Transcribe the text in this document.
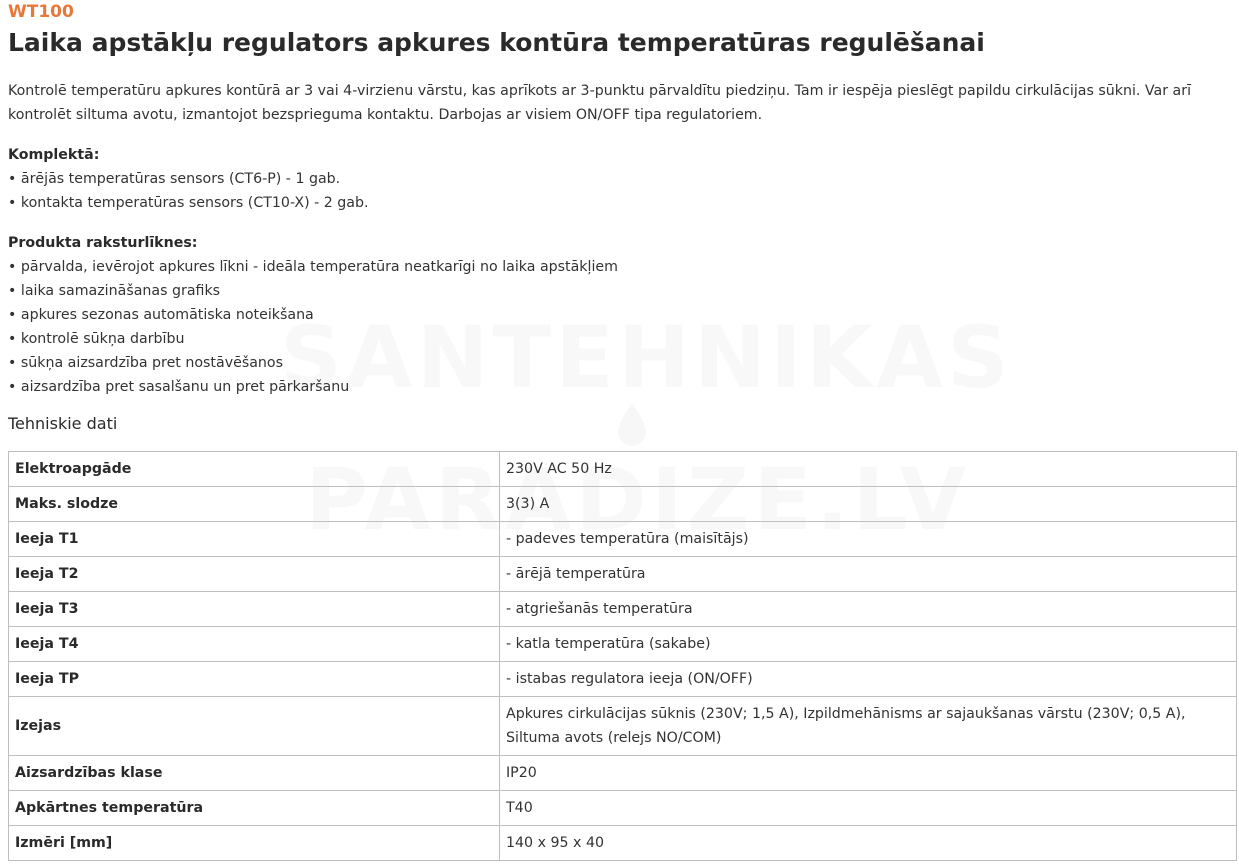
WT100
Laika apstākļu regulators apkures kontūra temperatūras regulēšanai

Kontrolē temperatūru apkures kontūrā ar 3 vai 4-virzienu vārstu, kas aprīkots ar 3-punktu pārvaldītu piedziņu. Tam ir iespēja pieslēgt papildu cirkulācijas sūkni. Var arī kontrolēt siltuma avotu, izmantojot bezsprieguma kontaktu. Darbojas ar visiem ON/OFF tipa regulatoriem.

Komplektā:
• ārējās temperatūras sensors (CT6-P) - 1 gab.
• kontakta temperatūras sensors (CT10-X) - 2 gab.
Produkta raksturlīknes:
• pārvalda, ievērojot apkures līkni - ideāla temperatūra neatkarīgi no laika apstākļiem
• laika samazināšanas grafiks
• apkures sezonas automātiska noteikšana
• kontrolē sūkņa darbību
• sūkņa aizsardzība pret nostāvēšanos
• aizsardzība pret sasalšanu un pret pārkaršanu
Tehniskie dati
Elektroapgāde	230V AC 50 Hz
Maks. slodze	3(3) A
Ieeja T1	- padeves temperatūra (maisītājs)
Ieeja T2	- ārējā temperatūra
Ieeja T3	- atgriešanās temperatūra
Ieeja T4	- katla temperatūra (sakabe)
Ieeja TP	- istabas regulatora ieeja (ON/OFF)
Izejas	Apkures cirkulācijas sūknis (230V; 1,5 A), Izpildmehānisms ar sajaukšanas vārstu (230V; 0,5 A), Siltuma avots (relejs NO/COM)
Aizsardzības klase	IP20
Apkārtnes temperatūra	T40
Izmēri [mm]	140 x 95 x 40
